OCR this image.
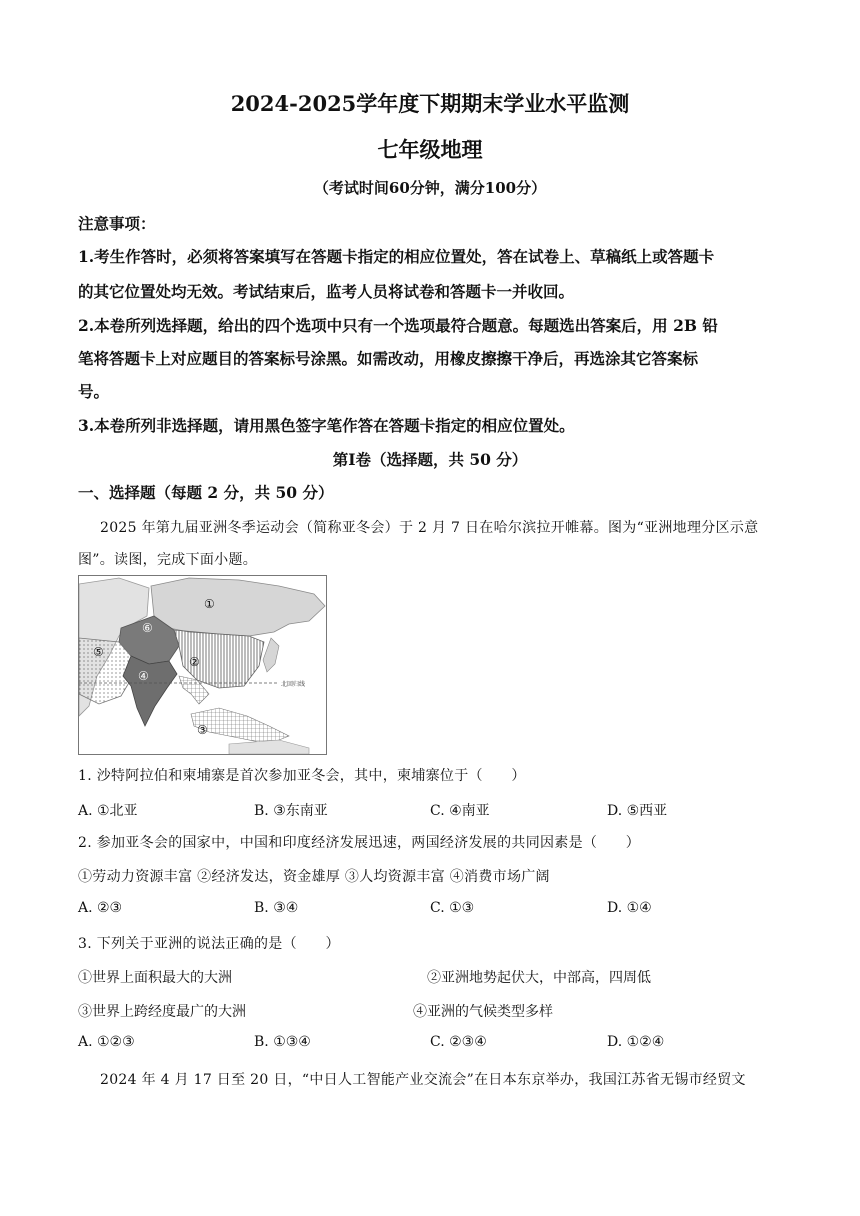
2024-2025学年度下期期末学业水平监测
七年级地理
（考试时间60分钟，满分100分）
注意事项：
1.考生作答时，必须将答案填写在答题卡指定的相应位置处，答在试卷上、草稿纸上或答题卡
的其它位置处均无效。考试结束后，监考人员将试卷和答题卡一并收回。
2.本卷所列选择题，给出的四个选项中只有一个选项最符合题意。每题选出答案后，用 2B 铅
笔将答题卡上对应题目的答案标号涂黑。如需改动，用橡皮擦擦干净后，再选涂其它答案标
号。
3.本卷所列非选择题，请用黑色签字笔作答在答题卡指定的相应位置处。
第Ⅰ卷（选择题，共 50 分）
一、选择题（每题 2 分，共 50 分）
2025 年第九届亚洲冬季运动会（简称亚冬会）于 2 月 7 日在哈尔滨拉开帷幕。图为“亚洲地理分区示意
图”。读图，完成下面小题。
北回归线
①
②
③
④
⑤
⑥
1. 沙特阿拉伯和柬埔寨是首次参加亚冬会，其中，柬埔寨位于（　　）
A. ①北亚	B. ③东南亚	C. ④南亚	D. ⑤西亚
2. 参加亚冬会的国家中，中国和印度经济发展迅速，两国经济发展的共同因素是（　　）
①劳动力资源丰富 ②经济发达，资金雄厚 ③人均资源丰富 ④消费市场广阔
A. ②③	B. ③④	C. ①③	D. ①④
3. 下列关于亚洲的说法正确的是（　　）
①世界上面积最大的大洲	②亚洲地势起伏大，中部高，四周低
③世界上跨经度最广的大洲	④亚洲的气候类型多样
A. ①②③	B. ①③④	C. ②③④	D. ①②④
2024 年 4 月 17 日至 20 日，“中日人工智能产业交流会”在日本东京举办，我国江苏省无锡市经贸文
